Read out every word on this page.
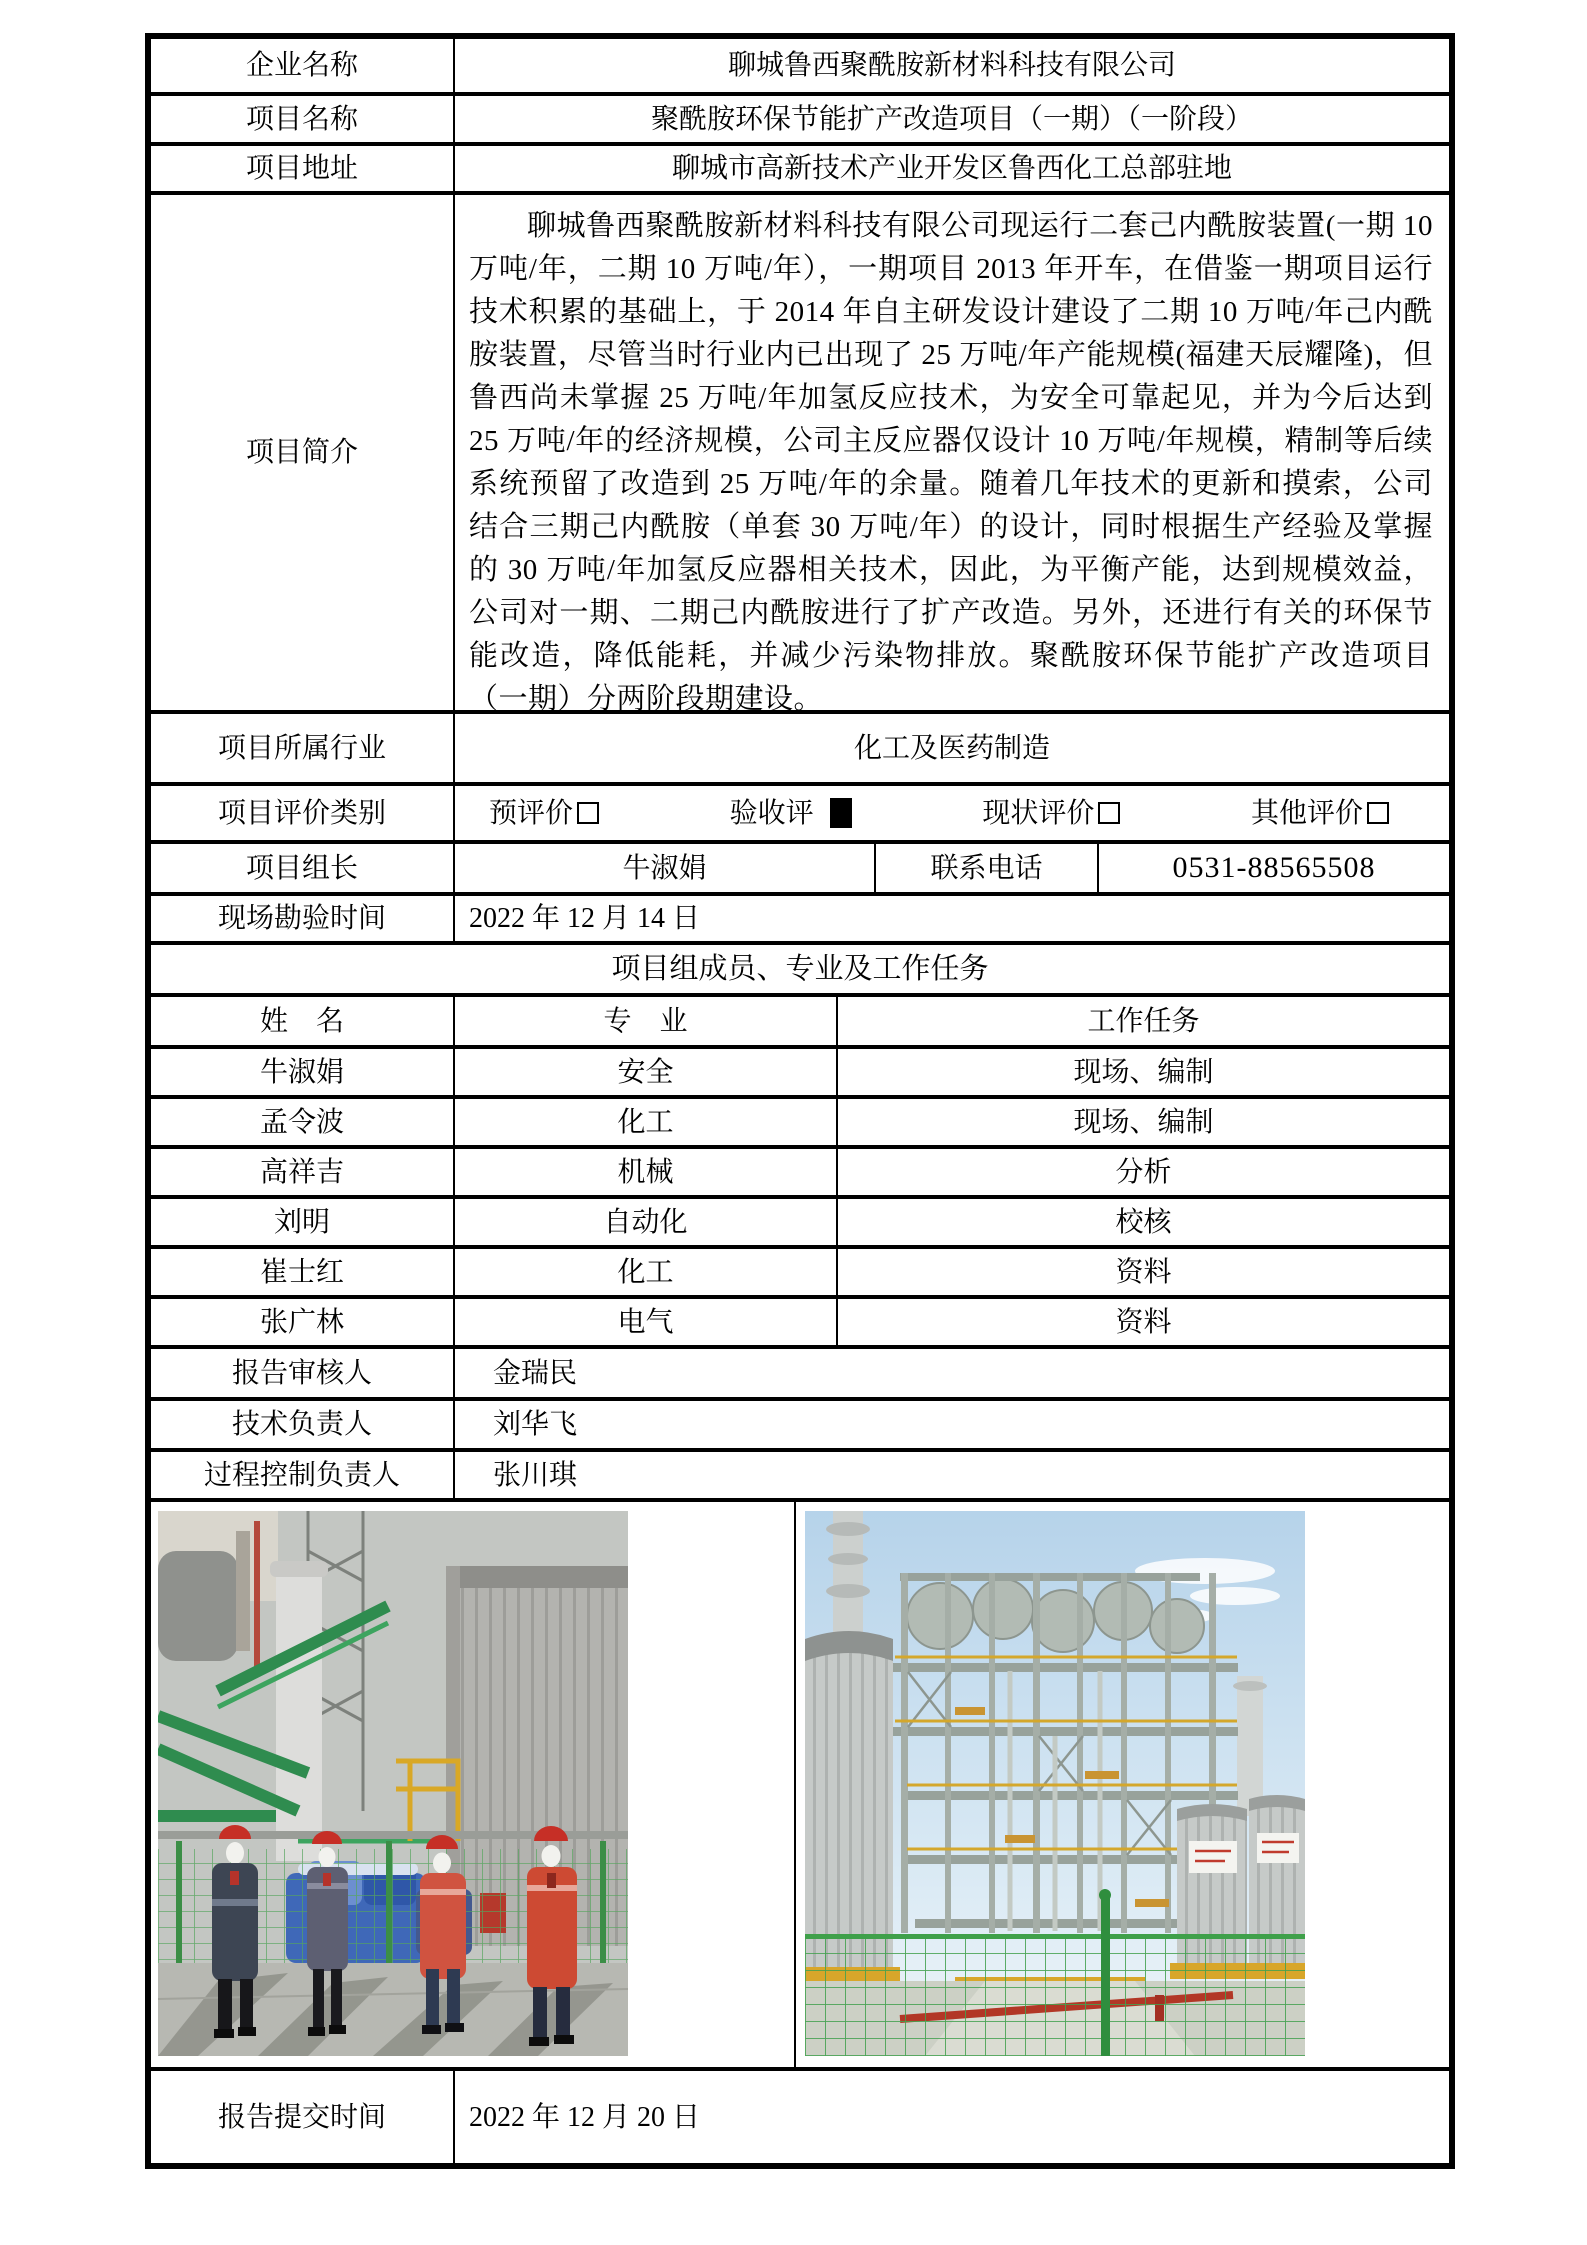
企业名称	聊城鲁西聚酰胺新材料科技有限公司
项目名称	聚酰胺环保节能扩产改造项目（一期）（一阶段）
项目地址	聊城市高新技术产业开发区鲁西化工总部驻地
项目简介
聊城鲁西聚酰胺新材料科技有限公司现运行二套己内酰胺装置(一期 10 万吨/年，二期 10 万吨/年），一期项目 2013 年开车，在借鉴一期项目运行技术积累的基础上，于 2014 年自主研发设计建设了二期 10 万吨/年己内酰胺装置，尽管当时行业内已出现了 25 万吨/年产能规模(福建天辰耀隆)，但鲁西尚未掌握 25 万吨/年加氢反应技术，为安全可靠起见，并为今后达到 25 万吨/年的经济规模，公司主反应器仅设计 10 万吨/年规模，精制等后续系统预留了改造到 25 万吨/年的余量。随着几年技术的更新和摸索，公司结合三期己内酰胺（单套 30 万吨/年）的设计，同时根据生产经验及掌握的 30 万吨/年加氢反应器相关技术，因此，为平衡产能，达到规模效益，公司对一期、二期己内酰胺进行了扩产改造。另外，还进行有关的环保节能改造，降低能耗，并减少污染物排放。聚酰胺环保节能扩产改造项目（一期）分两阶段期建设。
项目所属行业	化工及医药制造
项目评价类别	预评价	验收评	现状评价	其他评价
项目组长	牛淑娟	联系电话	0531-88565508
现场勘验时间	2022 年 12 月 14 日
项目组成员、专业及工作任务
姓　名	专　业	工作任务
牛淑娟	安全	现场、编制
孟令波	化工	现场、编制
高祥吉	机械	分析
刘明	自动化	校核
崔士红	化工	资料
张广林	电气	资料
报告审核人	金瑞民
技术负责人	刘华飞
过程控制负责人	张川琪
报告提交时间	2022 年 12 月 20 日
